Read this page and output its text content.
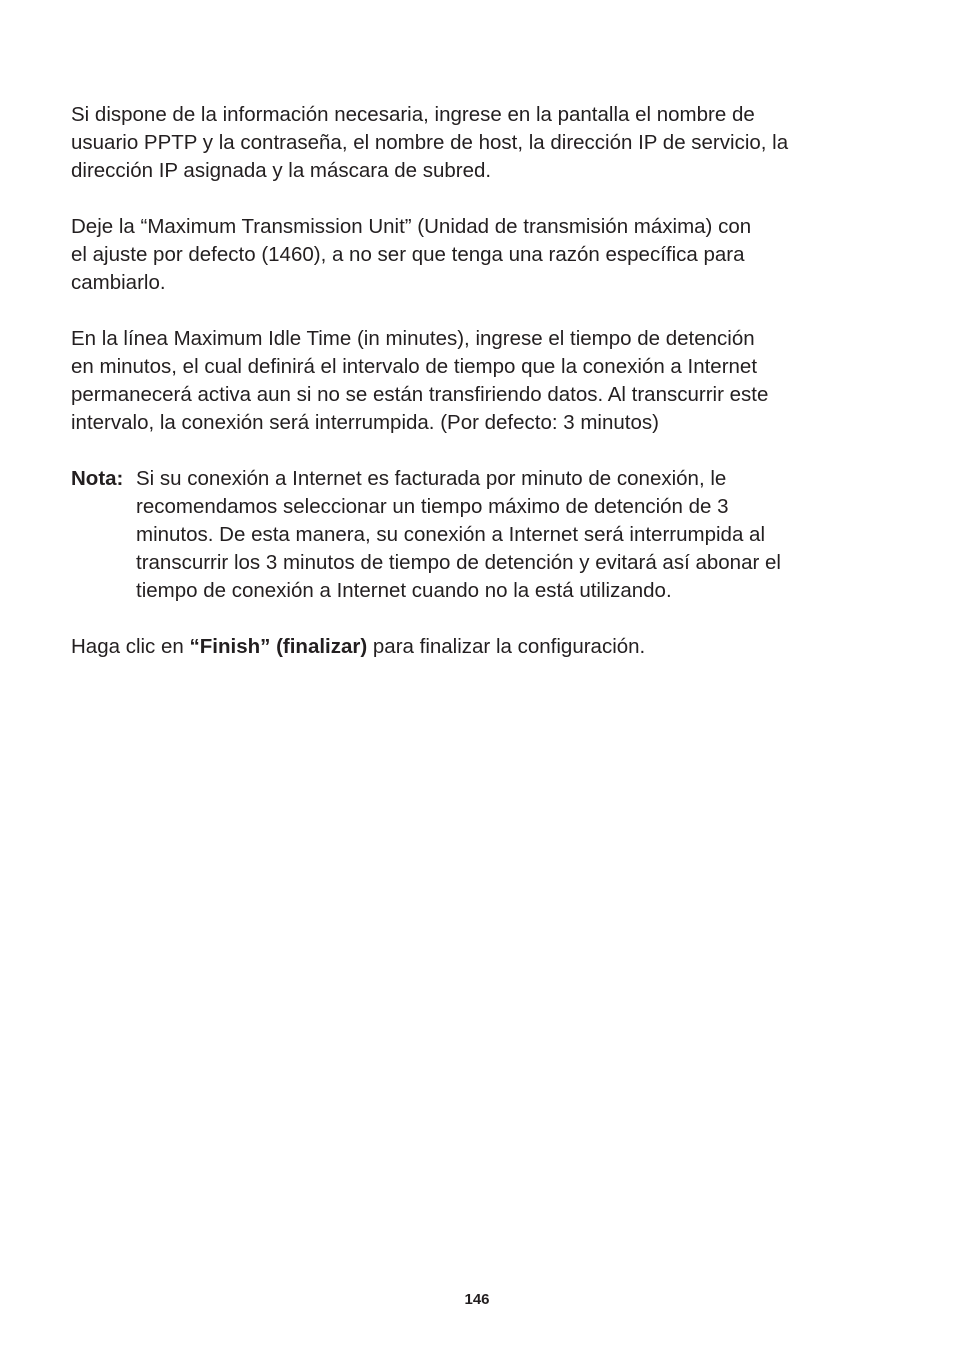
Si dispone de la información necesaria, ingrese en la pantalla el nombre de
usuario PPTP y la contraseña, el nombre de host, la dirección IP de servicio, la
dirección IP asignada y la máscara de subred.

Deje la “Maximum Transmission Unit” (Unidad de transmisión máxima) con
el ajuste por defecto (1460), a no ser que tenga una razón específica para
cambiarlo.

En la línea Maximum Idle Time (in minutes), ingrese el tiempo de detención
en minutos, el cual definirá el intervalo de tiempo que la conexión a Internet
permanecerá activa aun si no se están transfiriendo datos. Al transcurrir este
intervalo, la conexión será interrumpida. (Por defecto: 3 minutos)

Nota: Si su conexión a Internet es facturada por minuto de conexión, le
recomendamos seleccionar un tiempo máximo de detención de 3
minutos. De esta manera, su conexión a Internet será interrumpida al
transcurrir los 3 minutos de tiempo de detención y evitará así abonar el
tiempo de conexión a Internet cuando no la está utilizando.

Haga clic en “Finish” (finalizar) para finalizar la configuración.

146
